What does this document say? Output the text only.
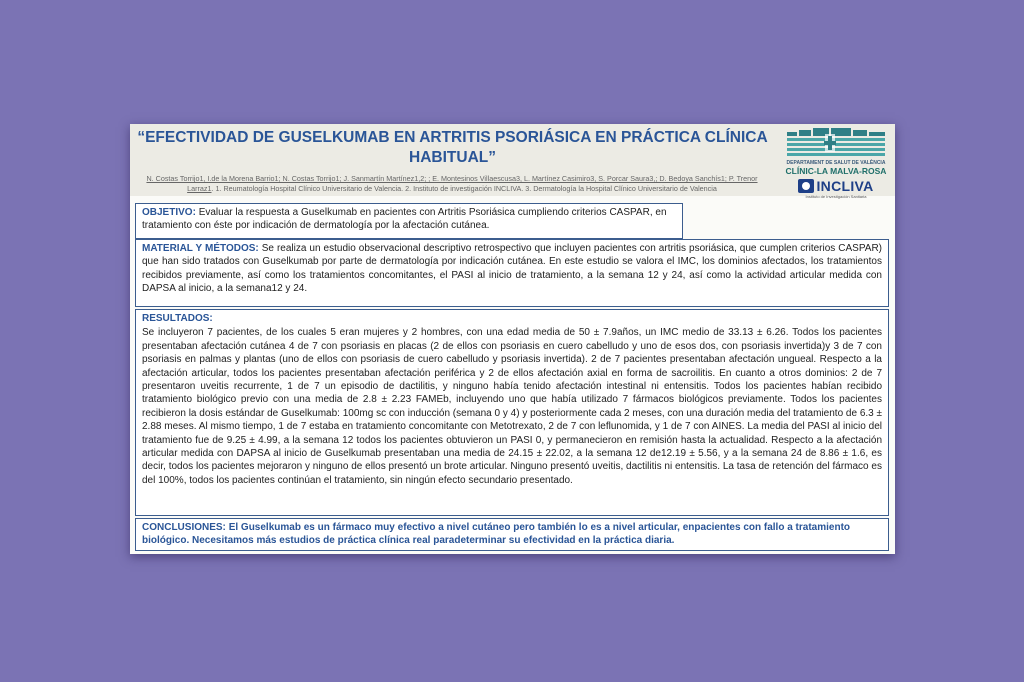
“EFECTIVIDAD DE GUSELKUMAB EN ARTRITIS PSORIÁSICA EN PRÁCTICA CLÍNICA HABITUAL”
N. Costas Torrijo1, I.de la Morena Barrio1; N. Costas Torrijo1; J. Sanmartín Martínez1,2; ; E. Montesinos Villaescusa3, L. Martínez Casimiro3, S. Porcar Saura3,; D. Bedoya Sanchís1; P. Trenor Larraz1. 1. Reumatología Hospital Clínico Universitario de Valencia. 2. Instituto de investigación INCLIVA. 3. Dermatología la Hospital Clínico Universitario de Valencia
DEPARTAMENT DE SALUT DE VALÈNCIA
CLÍNIC-LA MALVA-ROSA
INCLIVA
Instituto de Investigación Sanitaria
OBJETIVO: Evaluar la respuesta a Guselkumab en pacientes con Artritis Psoriásica cumpliendo criterios CASPAR, en tratamiento con éste por indicación de dermatología por la afectación cutánea.
MATERIAL Y MÉTODOS: Se realiza un estudio observacional descriptivo retrospectivo que incluyen pacientes con artritis psoriásica, que cumplen criterios CASPAR) que han sido tratados con Guselkumab por parte de dermatología por indicación cutánea. En este estudio se valora el IMC, los dominios afectados, los tratamientos recibidos previamente, así como los tratamientos concomitantes, el PASI al inicio de tratamiento, a la semana 12 y 24, así como la actividad articular medida con DAPSA al inicio, a la semana12 y 24.
RESULTADOS:
Se incluyeron 7 pacientes, de los cuales 5 eran mujeres y 2 hombres, con una edad media de 50 ± 7.9años, un IMC medio de 33.13 ± 6.26. Todos los pacientes presentaban afectación cutánea 4 de 7 con psoriasis en placas (2 de ellos con psoriasis en cuero cabelludo y uno de esos dos, con psoriasis invertida)y 3 de 7 con psoriasis en palmas y plantas (uno de ellos con psoriasis de cuero cabelludo y psoriasis invertida). 2 de 7 pacientes presentaban afectación ungueal. Respecto a la afectación articular, todos los pacientes presentaban afectación periférica y 2 de ellos afectación axial en forma de sacroilitis. En cuanto a otros dominios: 2 de 7 presentaron uveitis recurrente, 1 de 7 un episodio de dactilitis, y ninguno había tenido afectación intestinal ni entensitis. Todos los pacientes habían recibido tratamiento biológico previo con una media de 2.8 ± 2.23 FAMEb, incluyendo uno que había utilizado 7 fármacos biológicos previamente. Todos los pacientes recibieron la dosis estándar de Guselkumab: 100mg sc con inducción (semana 0 y 4) y posteriormente cada 2 meses, con una duración media del tratamiento de 6.3 ± 2.88 meses. Al mismo tiempo, 1 de 7 estaba en tratamiento concomitante con Metotrexato, 2 de 7 con leflunomida, y 1 de 7 con AINES. La media del PASI al inicio del tratamiento fue de 9.25 ± 4.99, a la semana 12 todos los pacientes obtuvieron un PASI 0, y permanecieron en remisión hasta la actualidad. Respecto a la afectación articular medida con DAPSA al inicio de Guselkumab presentaban una media de 24.15 ± 22.02, a la semana 12 de12.19 ± 5.56, y a la semana 24 de 8.86 ± 1.6, es decir, todos los pacientes mejoraron y ninguno de ellos presentó un brote articular. Ninguno presentó uveitis, dactilitis ni entensitis. La tasa de retención del fármaco es del 100%, todos los pacientes continúan el tratamiento, sin ningún efecto secundario presentado.
CONCLUSIONES: El Guselkumab es un fármaco muy efectivo a nivel cutáneo pero también lo es a nivel articular, enpacientes con fallo a tratamiento biológico. Necesitamos más estudios de práctica clínica real paradeterminar su efectividad en la práctica diaria.
